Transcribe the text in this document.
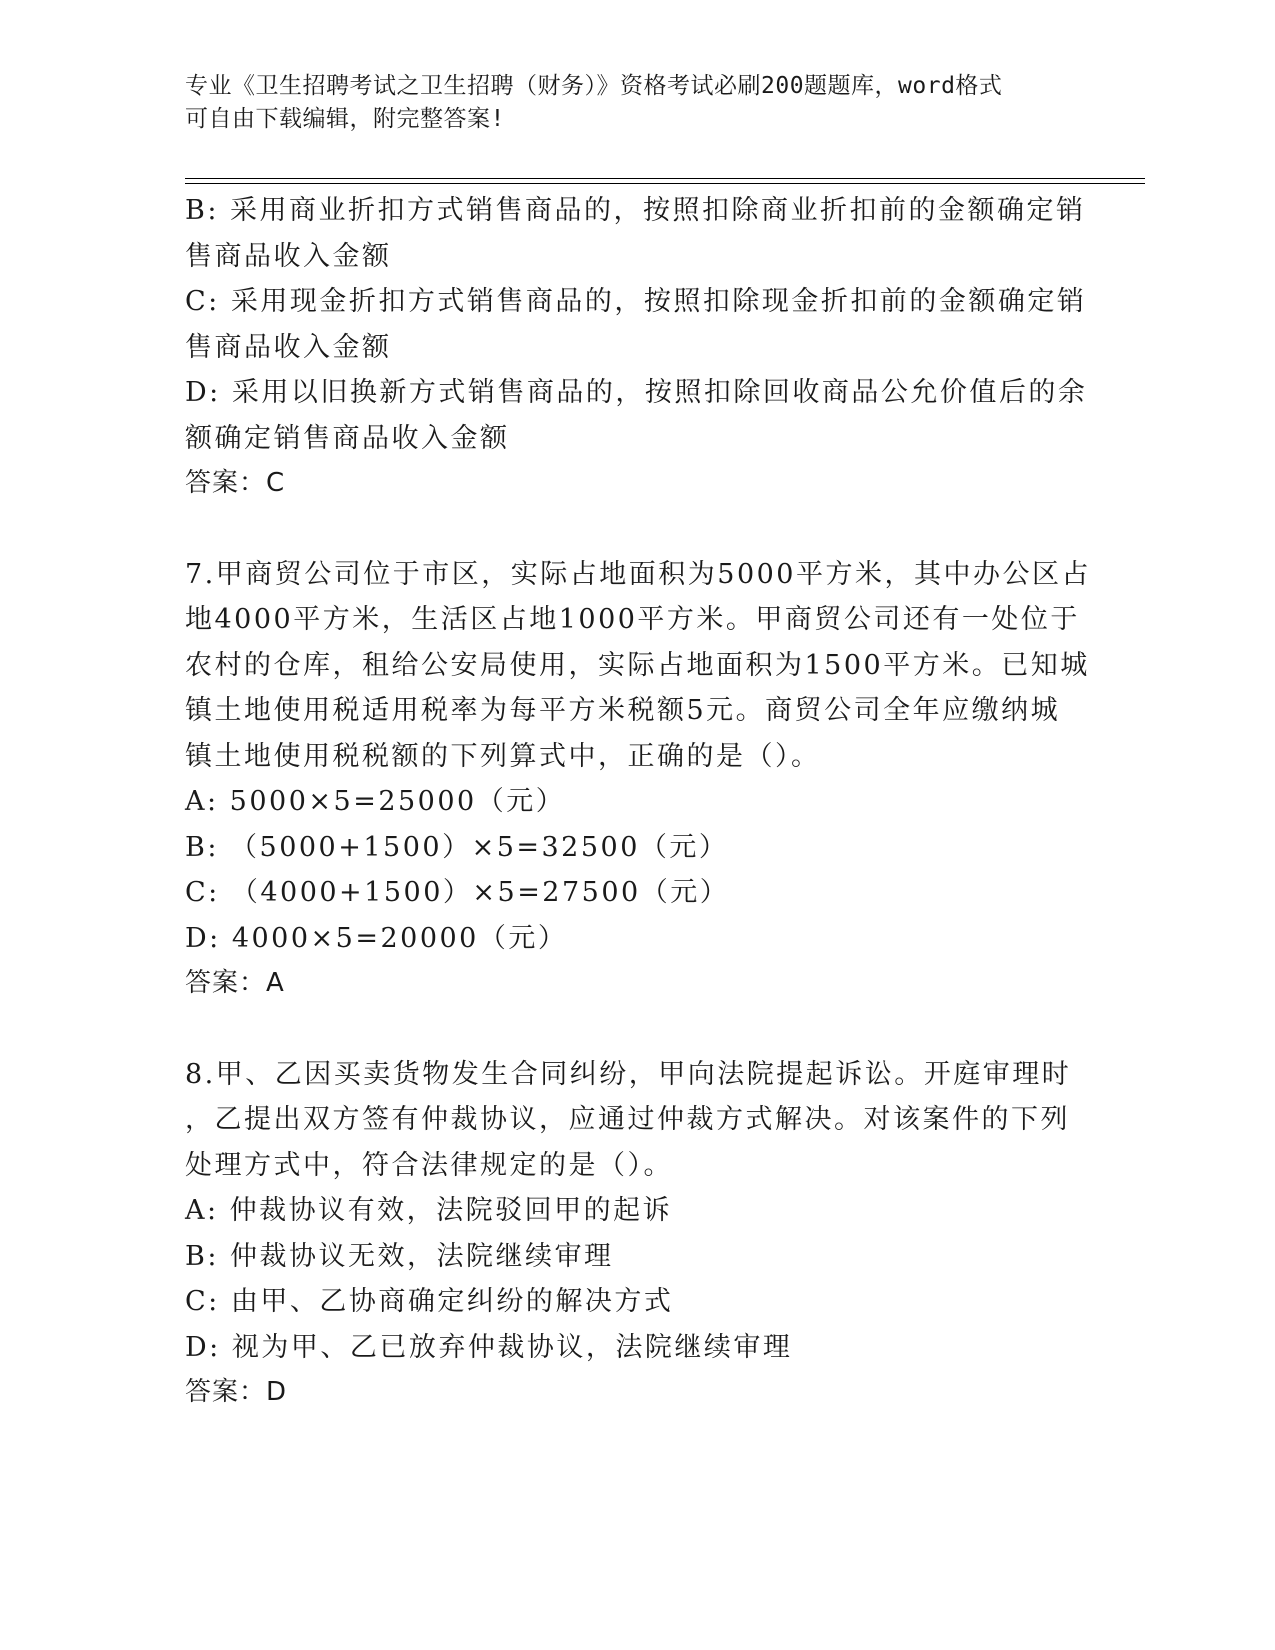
专业《卫生招聘考试之卫生招聘（财务）》资格考试必刷200题题库，word格式
可自由下载编辑，附完整答案!
B: 采用商业折扣方式销售商品的，按照扣除商业折扣前的金额确定销
售商品收入金额
C: 采用现金折扣方式销售商品的，按照扣除现金折扣前的金额确定销
售商品收入金额
D: 采用以旧换新方式销售商品的，按照扣除回收商品公允价值后的余
额确定销售商品收入金额
答案：C
7.甲商贸公司位于市区，实际占地面积为5000平方米，其中办公区占
地4000平方米，生活区占地1000平方米。甲商贸公司还有一处位于
农村的仓库，租给公安局使用，实际占地面积为1500平方米。已知城
镇土地使用税适用税率为每平方米税额5元。商贸公司全年应缴纳城
镇土地使用税税额的下列算式中，正确的是（）。
A: 5000×5=25000（元）
B: （5000+1500）×5=32500（元）
C: （4000+1500）×5=27500（元）
D: 4000×5=20000（元）
答案：A
8.甲、乙因买卖货物发生合同纠纷，甲向法院提起诉讼。开庭审理时
，乙提出双方签有仲裁协议，应通过仲裁方式解决。对该案件的下列
处理方式中，符合法律规定的是（）。
A: 仲裁协议有效，法院驳回甲的起诉
B: 仲裁协议无效，法院继续审理
C: 由甲、乙协商确定纠纷的解决方式
D: 视为甲、乙已放弃仲裁协议，法院继续审理
答案：D
